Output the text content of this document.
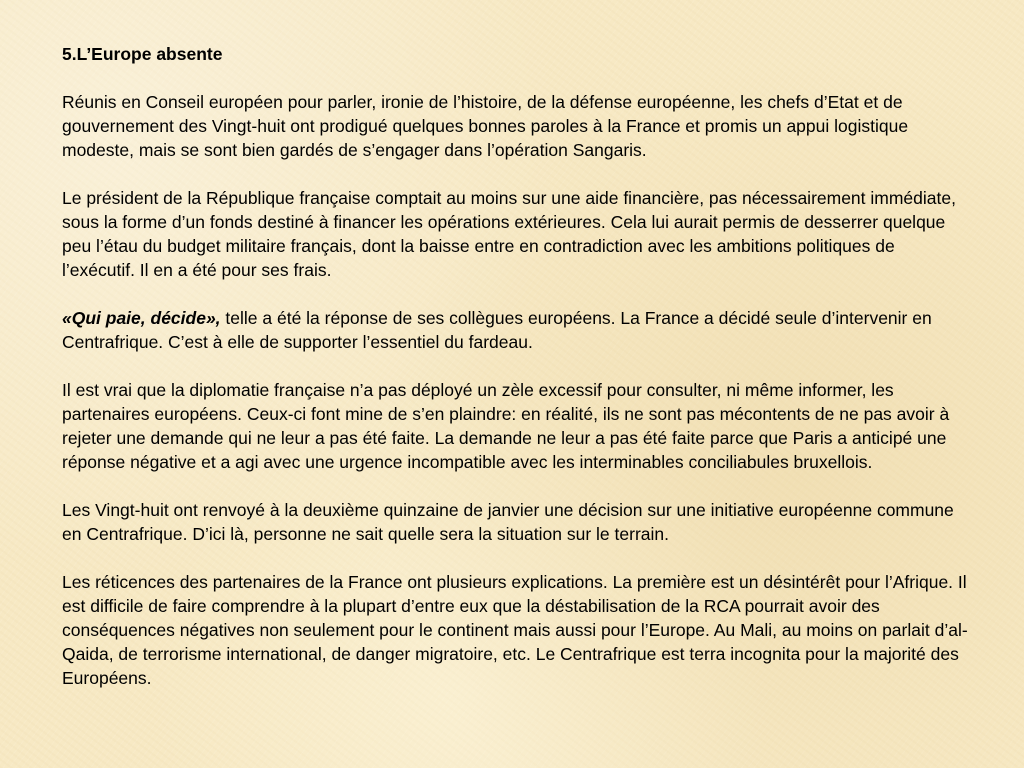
5.L’Europe absente

Réunis en Conseil européen pour parler, ironie de l’histoire, de la défense européenne, les chefs d’Etat et de gouvernement des Vingt-huit ont prodigué quelques bonnes paroles à la France et promis un appui logistique modeste, mais se sont bien gardés de s’engager dans l’opération Sangaris.

Le président de la République française comptait au moins sur une aide financière, pas nécessairement immédiate, sous la forme d’un fonds destiné à financer les opérations extérieures. Cela lui aurait permis de desserrer quelque peu l’étau du budget militaire français, dont la baisse entre en contradiction avec les ambitions politiques de l’exécutif. Il en a été pour ses frais.

«Qui paie, décide», telle a été la réponse de ses collègues européens. La France a décidé seule d’intervenir en Centrafrique. C’est à elle de supporter l’essentiel du fardeau.

Il est vrai que la diplomatie française n’a pas déployé un zèle excessif pour consulter, ni même informer, les partenaires européens. Ceux-ci font mine de s’en plaindre: en réalité, ils ne sont pas mécontents de ne pas avoir à rejeter une demande qui ne leur a pas été faite. La demande ne leur a pas été faite parce que Paris a anticipé une réponse négative et a agi avec une urgence incompatible avec les interminables conciliabules bruxellois.

Les Vingt-huit ont renvoyé à la deuxième quinzaine de janvier une décision sur une initiative européenne commune en Centrafrique. D’ici là, personne ne sait quelle sera la situation sur le terrain.

Les réticences des partenaires de la France ont plusieurs explications. La première est un désintérêt pour l’Afrique. Il est difficile de faire comprendre à la plupart d’entre eux que la déstabilisation de la RCA pourrait avoir des conséquences négatives non seulement pour le continent mais aussi pour l’Europe. Au Mali, au moins on parlait d’al-Qaida, de terrorisme international, de danger migratoire, etc. Le Centrafrique est terra incognita pour la majorité des Européens.
